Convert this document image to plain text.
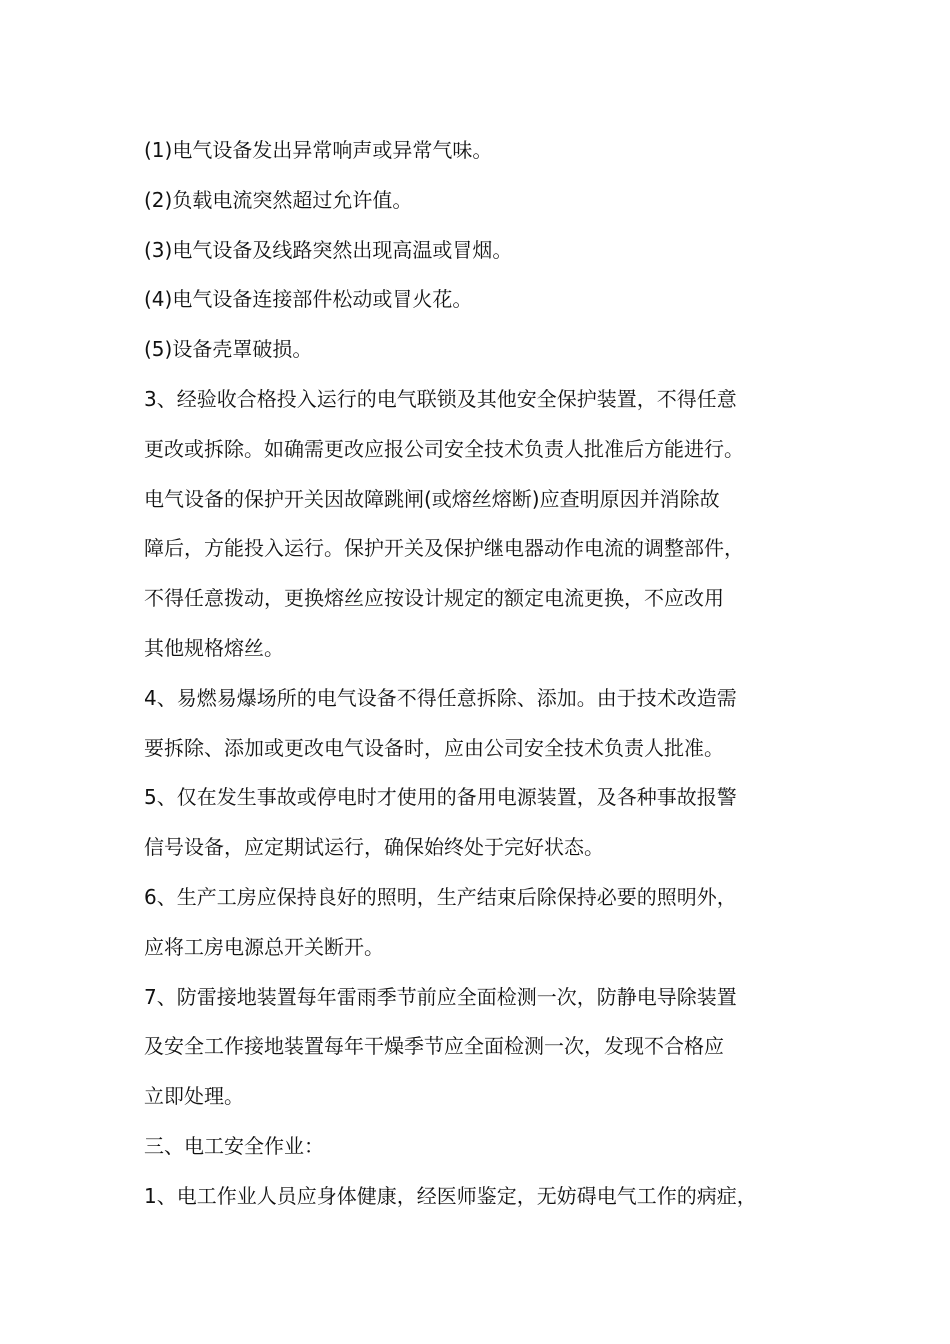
(1)电气设备发出异常响声或异常气味。

(2)负载电流突然超过允许值。

(3)电气设备及线路突然出现高温或冒烟。

(4)电气设备连接部件松动或冒火花。

(5)设备壳罩破损。

3、经验收合格投入运行的电气联锁及其他安全保护装置，不得任意

更改或拆除。如确需更改应报公司安全技术负责人批准后方能进行。

电气设备的保护开关因故障跳闸(或熔丝熔断)应查明原因并消除故

障后，方能投入运行。保护开关及保护继电器动作电流的调整部件，

不得任意拨动，更换熔丝应按设计规定的额定电流更换，不应改用

其他规格熔丝。

4、易燃易爆场所的电气设备不得任意拆除、添加。由于技术改造需

要拆除、添加或更改电气设备时，应由公司安全技术负责人批准。

5、仅在发生事故或停电时才使用的备用电源装置，及各种事故报警

信号设备，应定期试运行，确保始终处于完好状态。

6、生产工房应保持良好的照明，生产结束后除保持必要的照明外，

应将工房电源总开关断开。

7、防雷接地装置每年雷雨季节前应全面检测一次，防静电导除装置

及安全工作接地装置每年干燥季节应全面检测一次，发现不合格应

立即处理。

三、电工安全作业：

1、电工作业人员应身体健康，经医师鉴定，无妨碍电气工作的病症，
